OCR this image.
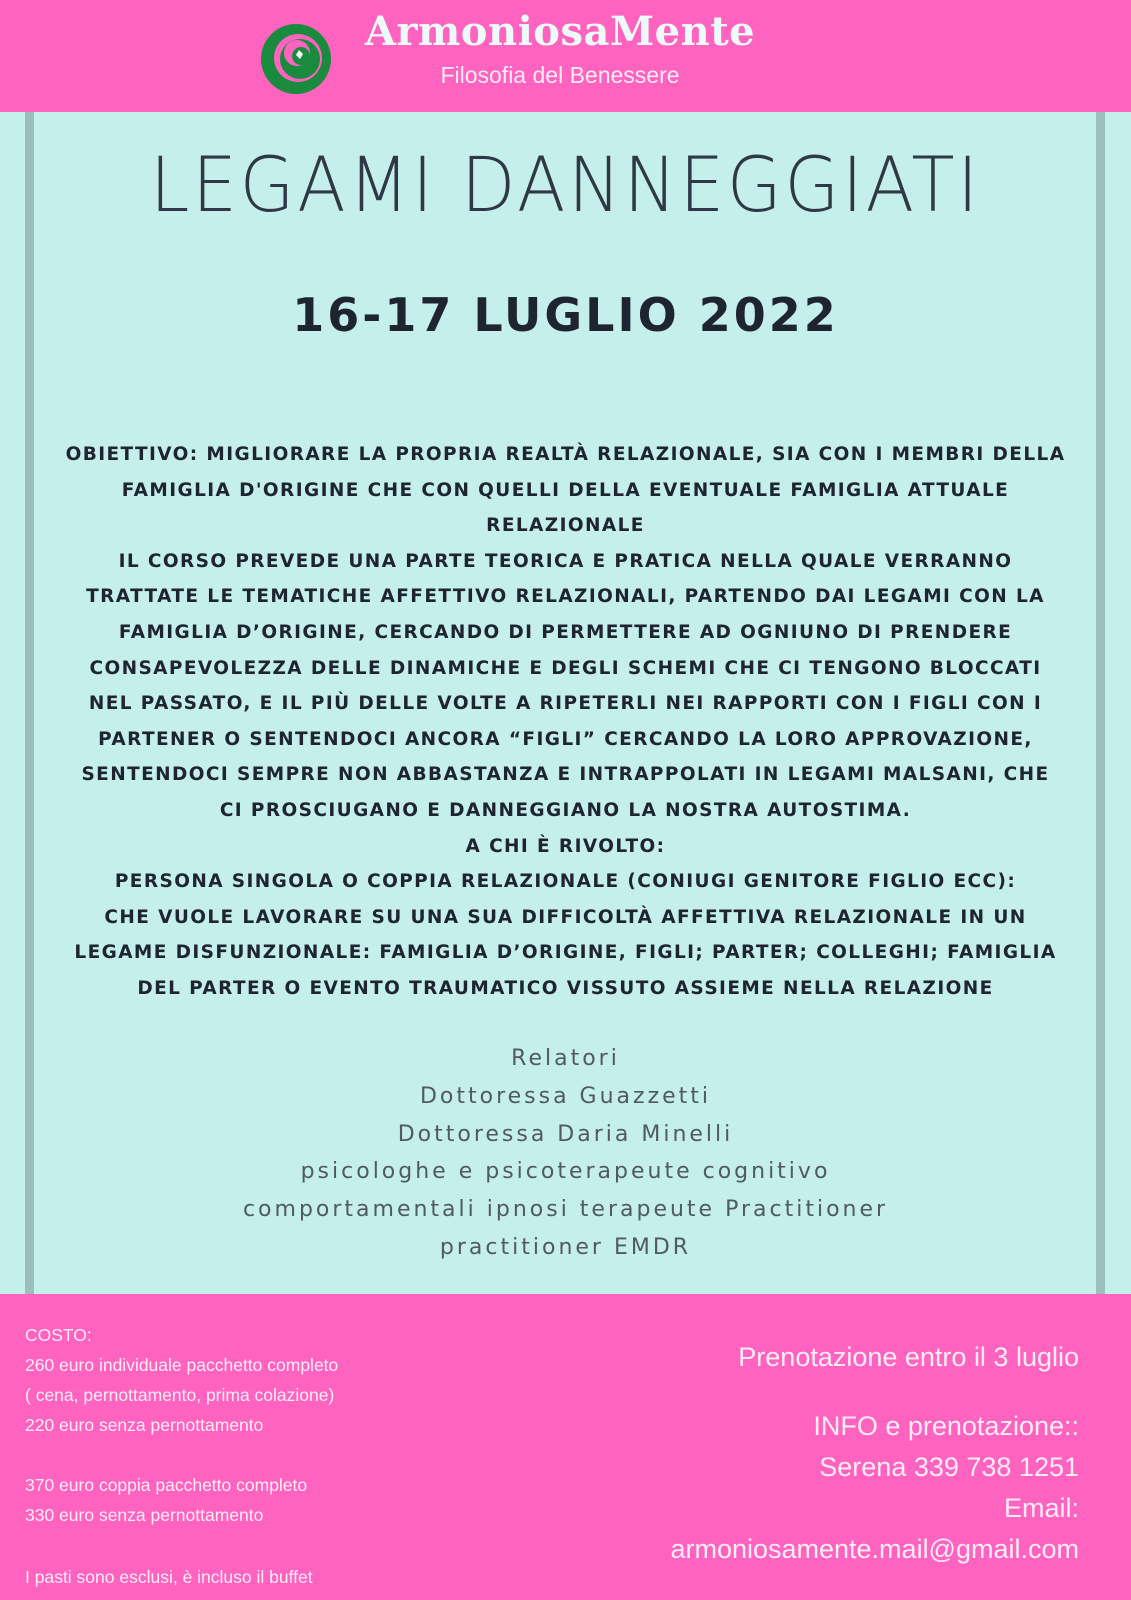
ArmoniosaMente
Filosofia del Benessere
LEGAMI DANNEGGIATI
16-17 LUGLIO 2022
OBIETTIVO: MIGLIORARE LA PROPRIA REALTÀ RELAZIONALE, SIA CON I MEMBRI DELLA
FAMIGLIA D'ORIGINE CHE CON QUELLI DELLA EVENTUALE FAMIGLIA ATTUALE
RELAZIONALE
IL CORSO PREVEDE UNA PARTE TEORICA E PRATICA NELLA QUALE VERRANNO
TRATTATE LE TEMATICHE AFFETTIVO RELAZIONALI, PARTENDO DAI LEGAMI CON LA
FAMIGLIA D’ORIGINE, CERCANDO DI PERMETTERE AD OGNIUNO DI PRENDERE
CONSAPEVOLEZZA DELLE DINAMICHE E DEGLI SCHEMI CHE CI TENGONO BLOCCATI
NEL PASSATO, E IL PIÙ DELLE VOLTE A RIPETERLI NEI RAPPORTI CON I FIGLI CON I
PARTENER O SENTENDOCI ANCORA “FIGLI” CERCANDO LA LORO APPROVAZIONE,
SENTENDOCI SEMPRE NON ABBASTANZA E INTRAPPOLATI IN LEGAMI MALSANI, CHE
CI PROSCIUGANO E DANNEGGIANO LA NOSTRA AUTOSTIMA.
A CHI È RIVOLTO:
PERSONA SINGOLA O COPPIA RELAZIONALE (CONIUGI GENITORE FIGLIO ECC):
CHE VUOLE LAVORARE SU UNA SUA DIFFICOLTÀ AFFETTIVA RELAZIONALE IN UN
LEGAME DISFUNZIONALE: FAMIGLIA D’ORIGINE, FIGLI; PARTER; COLLEGHI; FAMIGLIA
DEL PARTER O EVENTO TRAUMATICO VISSUTO ASSIEME NELLA RELAZIONE
Relatori
Dottoressa Guazzetti
Dottoressa Daria Minelli
psicologhe e psicoterapeute cognitivo
comportamentali ipnosi terapeute Practitioner
practitioner EMDR
COSTO:
260 euro individuale pacchetto completo
( cena, pernottamento, prima colazione)
220 euro senza pernottamento
370 euro coppia pacchetto completo
330 euro senza pernottamento
I pasti sono esclusi, è incluso il buffet
Prenotazione entro il 3 luglio
INFO e prenotazione::
Serena 339 738 1251
Email:
armoniosamente.mail@gmail.com
